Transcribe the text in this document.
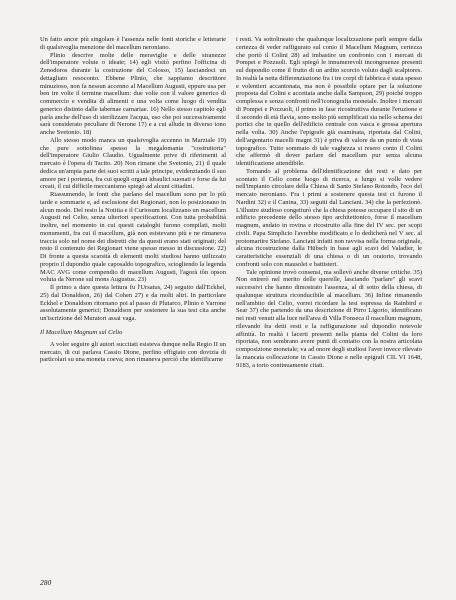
Un fatto ancor più singolare è l'assenza nelle fonti storiche e letterarie di qualsivoglia menzione del macellum neroniano.

Plinio descrive molte delle meraviglie e delle stranezze dell'imperatore volute o ideate; 14) egli visitò perfino l'officina di Zenodoros durante la costruzione del Colosso, 15) lasciandoci un dettagliato resoconto. Ebbene Plinio, che sappiamo descrittore minuzioso, non fa nessun accenno al Macellum Augusti, eppure usa per ben tre volte il termine macellum: due volte con il valore generico di commercio e vendita di alimenti e una volta come luogo di vendita generico distinto dalle tabernae carnariae. 16) Nello stesso capitolo egli parla anche dell'uso di sterilizzare l'acqua, uso che poi successivamente sarà considerato peculiare di Nerone 17) e a cui allude in diverso tono anche Svetonio. 18)

Allo stesso modo manca un qualsivoglia accenno in Marziale 19) che pure sottolinea spesso la megalomania "costruttoria" dell'imperatore Giulio Claudio. Ugualmente prive di riferimenti al mercato è l'opera di Tacito. 20) Non rimane che Svetonio, 21) il quale dedica un'ampia parte dei suoi scritti a tale principe, evidenziando il suo amore per i portenta, fra cui quegli organi idraulici suonati e forse da lui creati, il cui difficile meccanismo spiegò ad alcuni cittadini.

Riassumendo, le fonti che parlano del macellum sono per lo più tarde e sommarie e, ad esclusione dei Regionari, non lo posizionano in alcun modo. Del resto la Notitia e il Curiosum localizzano un macellum Augusti nel Celio, senza ulteriori specificazioni. Con tutta probabilità inoltre, nel momento in cui questi cataloghi furono compilati, molti monumenti, fra cui il macellum, già non esistevano più e ne rimaneva traccia solo nel nome dei distretti che da questi erano stati originati; del resto il contenuto dei Regionari viene spesso messo in discussione. 22) Di fronte a questa scarsità di elementi molti studiosi hanno utilizzato proprio il dupondio quale caposaldo topografico, sciogliendo la legenda MAC AVG come compendio di macellum Augusti, l'agorà tôn opson voluta da Nerone sul mons Augustus. 23)

Il primo a dare questa lettura fu l'Ursatus, 24) seguito dall'Eckhel, 25) dal Donaldson, 26) dal Cohen 27) e da molti altri. In particolare Eckhel e Donaldson ritornano poi al passo di Plutarco, Plinio e Varrone assolutamente generici; Donaldson per sostenere la sua tesi cita anche un'iscrizione del Muratori assai vaga.

Il Macellum Magnum sul Celio

A voler seguire gli autori succitati esisteva dunque nella Regio II un mercato, di cui parlava Cassio Dione, perfino effigiato con dovizia di particolari su una moneta coeva; non rimaneva perciò che identificarne

i resti. Va sottolineato che qualunque localizzazione parli sempre dalla certezza di veder raffigurato sul conio il Macellum Magnum, certezza che portò il Colini 28) ad imbastire un confronto con i mercati di Pompei e Pozzuoli. Egli spiegò le innumerevoli incongruenze presenti sul dupondio come il frutto di un ardito scorcio voluto dagli scalptores. In realtà la netta differenziazione fra i tre corpi di fabbrica è stata spesso e volentieri accantonata, ma non è possibile optare per la soluzione proposta dal Colini e accettata anche dalla Sampson, 29) poiché troppo complessa e senza confronti nell'iconografia monetale. Inoltre i mercati di Pompei e Pozzuoli, il primo in fase ricostruttiva durante l'eruzione e il secondo di età flavia, sono molto più semplificati sia nello schema dei portici che in quello dell'edificio centrale con vasca e grossa apertura nella volta. 30) Anche l'epigrafe già esaminata, riportata dal Colini, dell'argentario macelli magni 31) è priva di valore da un punto di vista topografico. Tutto sommato di tale vaghezza si resero conto il Colini che affermò di dover parlare del macellum pur senza alcuna identificazione attendibile.

Tornando al problema dell'identificazione dei resti e dato per scontato il Celio come luogo di ricerca, a lungo si volle vedere nell'impianto circolare della Chiesa di Santo Stefano Rotondo, l'eco del mercato neroniano. Fra i primi a sostenere questa tesi ci furono il Nardini 32) e il Canina, 33) seguiti dal Lanciani. 34) che la perfezionò. L'illustre studioso congetturò che la chiesa potesse occupare il sito di un edificio precedente dello stesso tipo architettonico, forse il macellum magnum, andato in rovina e ricostruito alla fine del IV sec. per scopi civili. Papa Simplicio l'avrebbe modificato e lo dedicherà nel V sec. al protomartire Stefano. Lanciani infatti non ravvisa nella forma originale, alcuna ricostruzione dalla Hübsch in base agli scavi del Valadier, le caratteristiche essenziali di una chiesa o di un oratorio, trovando confronti solo con mausolei e battisteri.

Tale opinione trovò consensi, ma sollevò anche diverse critiche. 35) Non entrerò nel merito delle querelle, lasciando "parlare" gli scavi successivi che hanno dimostrato l'assenza, al di sotto della chiesa, di qualunque struttura riconducibile al macellum. 36) Infine rimanendo nell'ambito del Celio, vorrei ricordare la tesi espressa da Rainbird e Sear 37) che partendo da una descrizione di Pirro Ligorio, identificano nei resti venuti alla luce nell'area di Villa Fonseca il macellum magnum, rilevando fra detti resti e la raffigurazione sul dupondio notevole affinità. In realtà i lacerti presenti nella pianta del Colini da loro riportata, non sembrano avere punti di contatto con la nostra articolata composizione monetale; va ad onore degli studiosi l'aver invece rilevato la mancata collocazione in Cassio Dione e nelle epigrafi CIL VI 1648, 9183, a torto continuamente citati.

280
